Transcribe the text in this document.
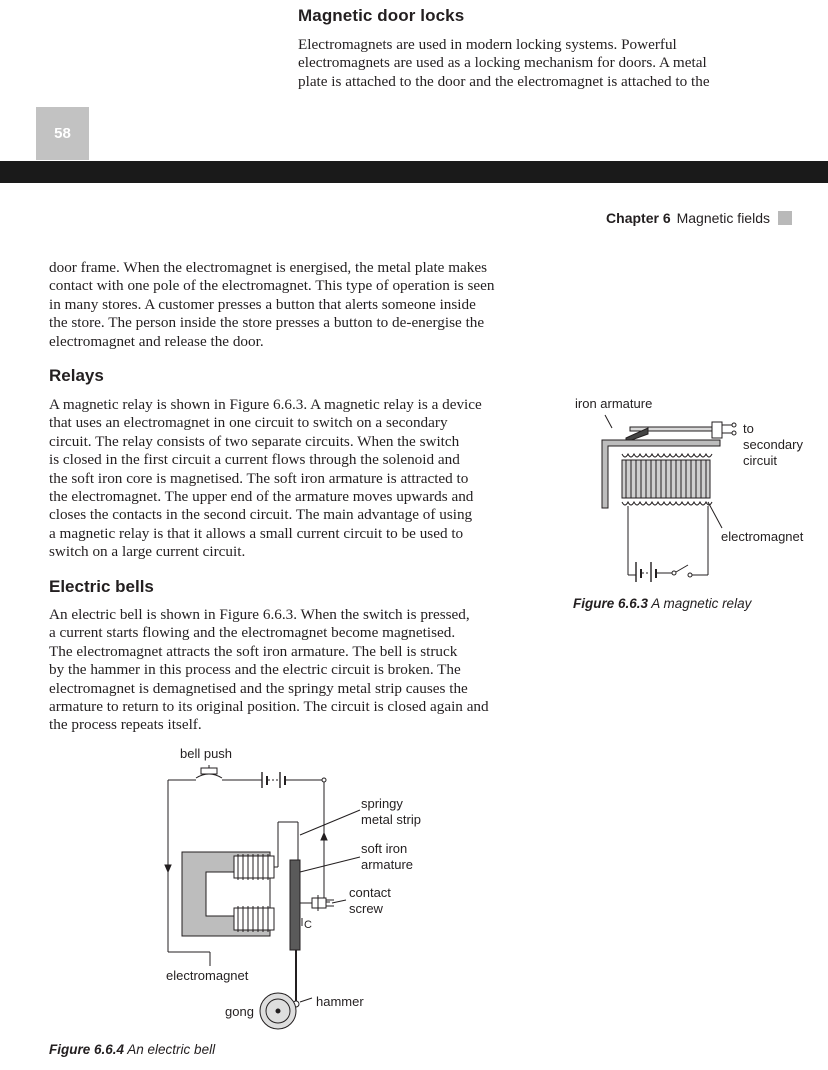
Magnetic door locks
Electromagnets are used in modern locking systems. Powerful
electromagnets are used as a locking mechanism for doors. A metal
plate is attached to the door and the electromagnet is attached to the
58
Chapter 6 Magnetic fields
door frame. When the electromagnet is energised, the metal plate makes
contact with one pole of the electromagnet. This type of operation is seen
in many stores. A customer presses a button that alerts someone inside
the store. The person inside the store presses a button to de-energise the
electromagnet and release the door.
Relays
A magnetic relay is shown in Figure 6.6.3. A magnetic relay is a device
that uses an electromagnet in one circuit to switch on a secondary
circuit. The relay consists of two separate circuits. When the switch
is closed in the first circuit a current flows through the solenoid and
the soft iron core is magnetised. The soft iron armature is attracted to
the electromagnet. The upper end of the armature moves upwards and
closes the contacts in the second circuit. The main advantage of using
a magnetic relay is that it allows a small current circuit to be used to
switch on a large current circuit.
Electric bells
An electric bell is shown in Figure 6.6.3. When the switch is pressed,
a current starts flowing and the electromagnet become magnetised.
The electromagnet attracts the soft iron armature. The bell is struck
by the hammer in this process and the electric circuit is broken. The
electromagnet is demagnetised and the springy metal strip causes the
armature to return to its original position. The circuit is closed again and
the process repeats itself.
iron armature
to
secondary
circuit
electromagnet
Figure 6.6.3 A magnetic relay
bell push
springy
metal strip
soft iron
armature
contact
screw
C
electromagnet
hammer
gong
Figure 6.6.4 An electric bell
